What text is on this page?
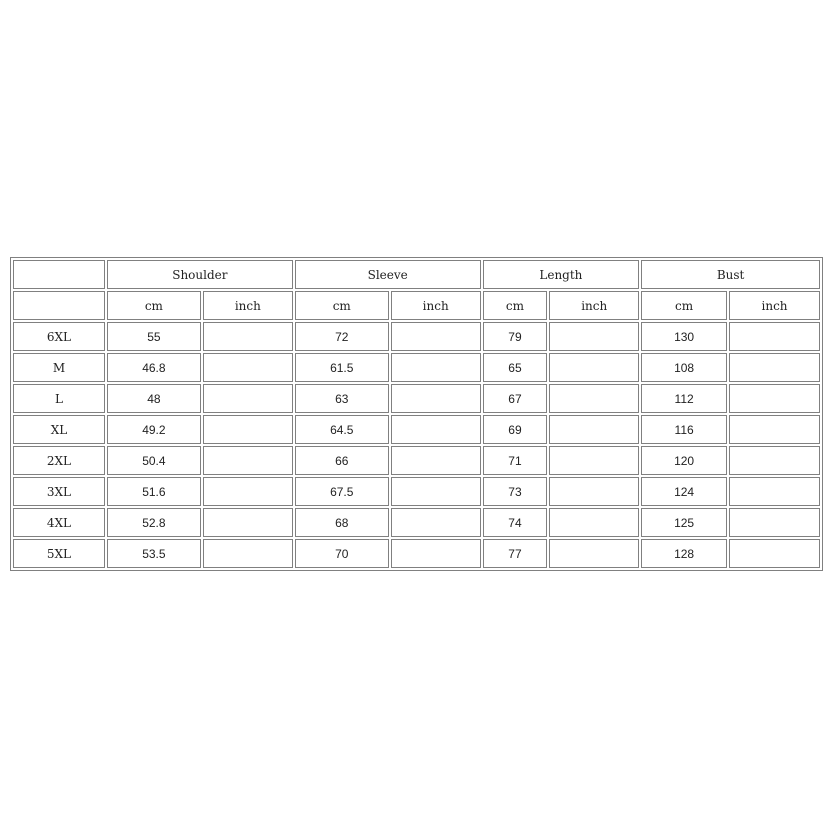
	Shoulder		Sleeve		Length		Bust	
	cm	inch	cm	inch	cm	inch	cm	inch
6XL	55		72		79		130	
M	46.8		61.5		65		108	
L	48		63		67		112	
XL	49.2		64.5		69		116	
2XL	50.4		66		71		120	
3XL	51.6		67.5		73		124	
4XL	52.8		68		74		125	
5XL	53.5		70		77		128	
